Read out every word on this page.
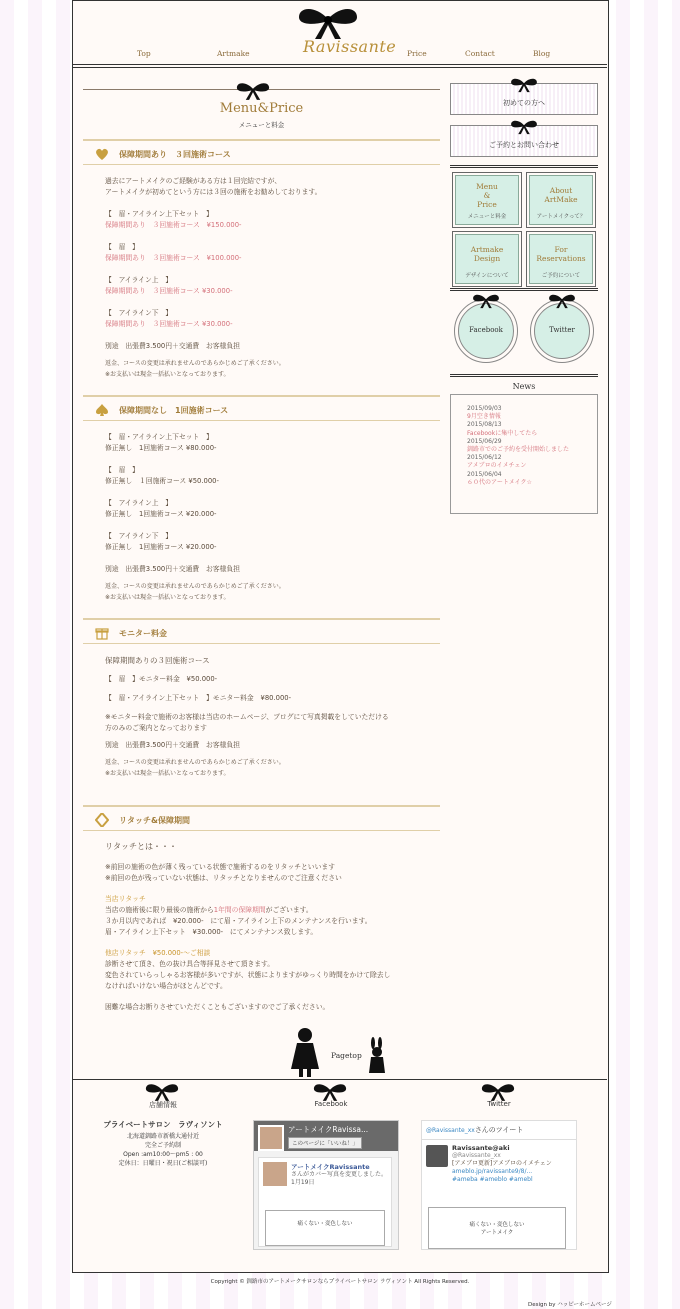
Ravissante
Top	Artmake	Price	Contact	Blog
Menu&Price
メニューと料金
保障期間あり　３回施術コース

過去にアートメイクのご経験がある方は１回完結ですが、

アートメイクが初めてという方には３回の施術をお勧めしております。

【　眉・アイライン上下セット　】

保障期間あり　３回施術コース　¥150.000-

【　眉　】

保障期間あり　３回施術コース　¥100.000-

【　アイライン上　】

保障期間あり　３回施術コース ¥30.000-

【　アイライン下　】

保障期間あり　３回施術コース ¥30.000-

別途　出張費3.500円＋交通費　お客様負担

返金、コースの変更は承れませんのであらかじめご了承ください。

※お支払いは現金一括払いとなっております。

保障期間なし　1回施術コース

【　眉・アイライン上下セット　】

修正無し　1回施術コース ¥80.000-

【　眉　】

修正無し　１回施術コース ¥50.000-

【　アイライン上　】

修正無し　1回施術コース ¥20.000-

【　アイライン下　】

修正無し　1回施術コース ¥20.000-

別途　出張費3.500円＋交通費　お客様負担

返金、コースの変更は承れませんのであらかじめご了承ください。

※お支払いは現金一括払いとなっております。

モニター料金

保障期間ありの３回施術コース

【　眉　】モニター料金　¥50.000-

【　眉・アイライン上下セット　】モニター料金　¥80.000-

※モニター料金で施術のお客様は当店のホームページ、ブログにて写真掲載をしていただける

方のみのご案内となっております

別途　出張費3.500円＋交通費　お客様負担

返金、コースの変更は承れませんのであらかじめご了承ください。

※お支払いは現金一括払いとなっております。

リタッチ&保障期間

リタッチとは・・・

※前回の施術の色が薄く残っている状態で施術するのをリタッチといいます

※前回の色が残っていない状態は、リタッチとなりませんのでご注意ください

当店リタッチ

当店の施術後に限り最後の施術から1年間の保障期間がございます。

３か月以内であれば　¥20.000-　にて眉・アイライン上下のメンテナンスを行います。

眉・アイライン上下セット　¥30.000-　にてメンテナンス致します。

他店リタッチ　¥50.000-〜ご相談

診断させて頂き、色の抜け具合等拝見させて頂きます。

変色されていらっしゃるお客様が多いですが、状態によりますがゆっくり時間をかけて除去し

なければいけない場合がほとんどです。

困難な場合お断りさせていただくこともございますのでご了承ください。

初めての方へ
ご予約とお問い合わせ
Menu
&
Price
メニューと料金
About
ArtMake
アートメイクって？
Artmake
Design
デザインについて
For
Reservations
ご予約について
Facebook	Twitter
News
2015/09/03
9月空き情報
2015/08/13
Facebookに集中してたら
2015/06/29
釧路市でのご予約を受付開始しました
2015/06/12
アメブロのイメチェン
2015/06/04
６０代のアートメイク☆
Pagetop
店舗情報	Facebook	Twitter
プライベートサロン　ラヴィソント
北海道釧路市新橋大通付近
完全ご予約制
Open :am10:00〜pm5 : 00
定休日：日曜日・祝日(ご相談可)
アートメイクRavissa...
このページに「いいね！」
アートメイクRavissante
さんがカバー写真を変更しました。
1月19日
痛くない・変色しない
@Ravissante_xxさんのツイート
Ravissante@aki
@Ravissante_xx
[アメブロ更新]アメブロのイメチェン
ameblo.jp/ravissante9/8/...
#ameba #ameblo #amebl
痛くない・変色しない
アートメイク
Copyright © 釧路市のアートメークサロンならプライベートサロン ラヴィソント All Rights Reserved.
Design by ハッピーホームページ
